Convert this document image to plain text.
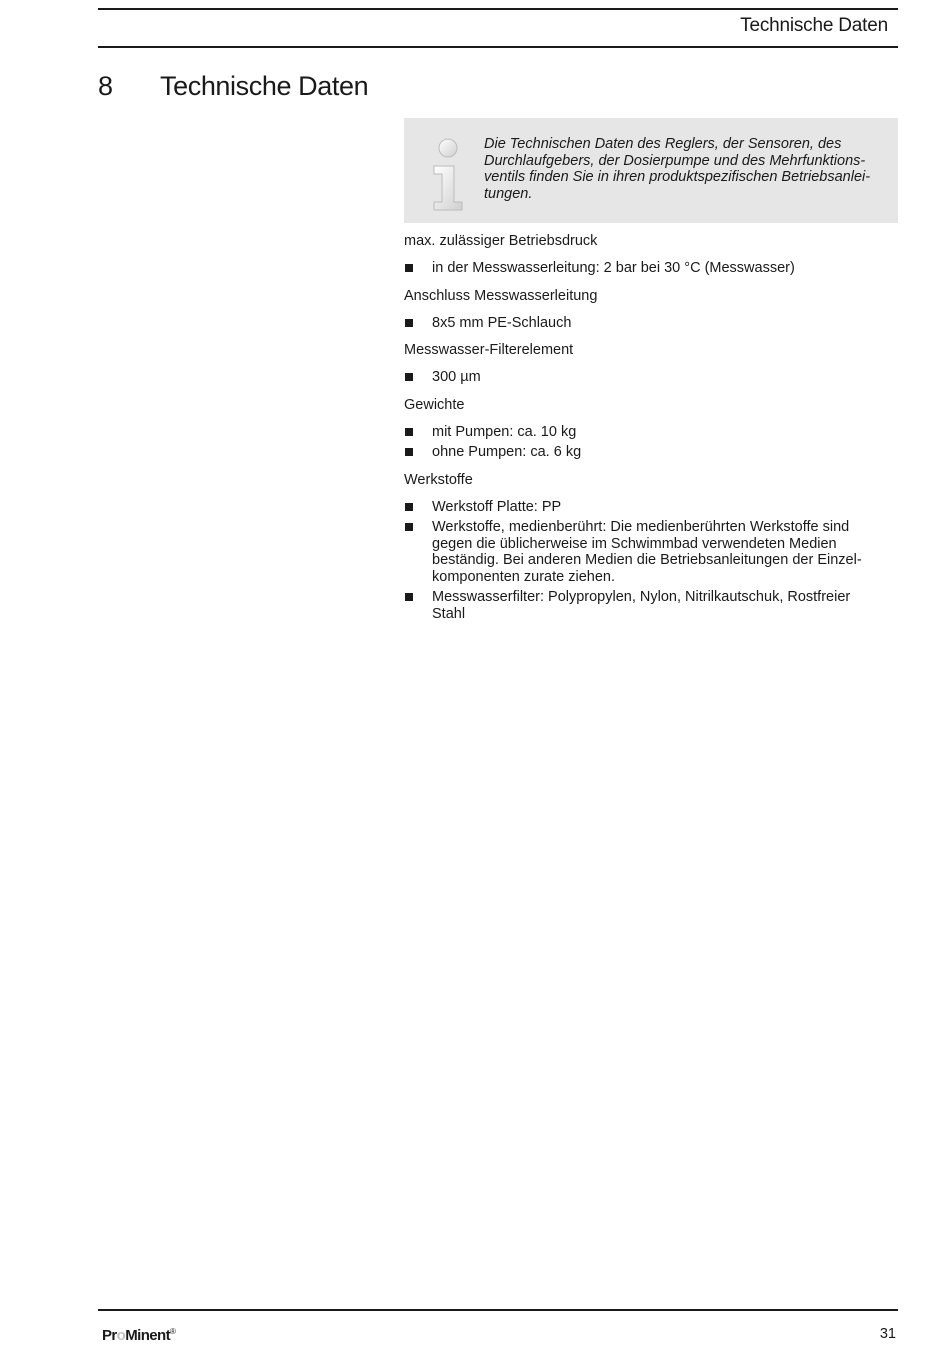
Technische Daten
8 Technische Daten
Die Technischen Daten des Reglers, der Sensoren, des
Durchlaufgebers, der Dosierpumpe und des Mehrfunktions-
ventils finden Sie in ihren produktspezifischen Betriebsanlei-
tungen.
max. zulässiger Betriebsdruck
in der Messwasserleitung: 2 bar bei 30 °C (Messwasser)
Anschluss Messwasserleitung
8x5 mm PE-Schlauch
Messwasser-Filterelement
300 µm
Gewichte
mit Pumpen: ca. 10 kg
ohne Pumpen: ca. 6 kg
Werkstoffe
Werkstoff Platte: PP
Werkstoffe, medienberührt: Die medienberührten Werkstoffe sind
gegen die üblicherweise im Schwimmbad verwendeten Medien
beständig. Bei anderen Medien die Betriebsanleitungen der Einzel-
komponenten zurate ziehen.
Messwasserfilter: Polypropylen, Nylon, Nitrilkautschuk, Rostfreier
Stahl
ProMinent®	31
